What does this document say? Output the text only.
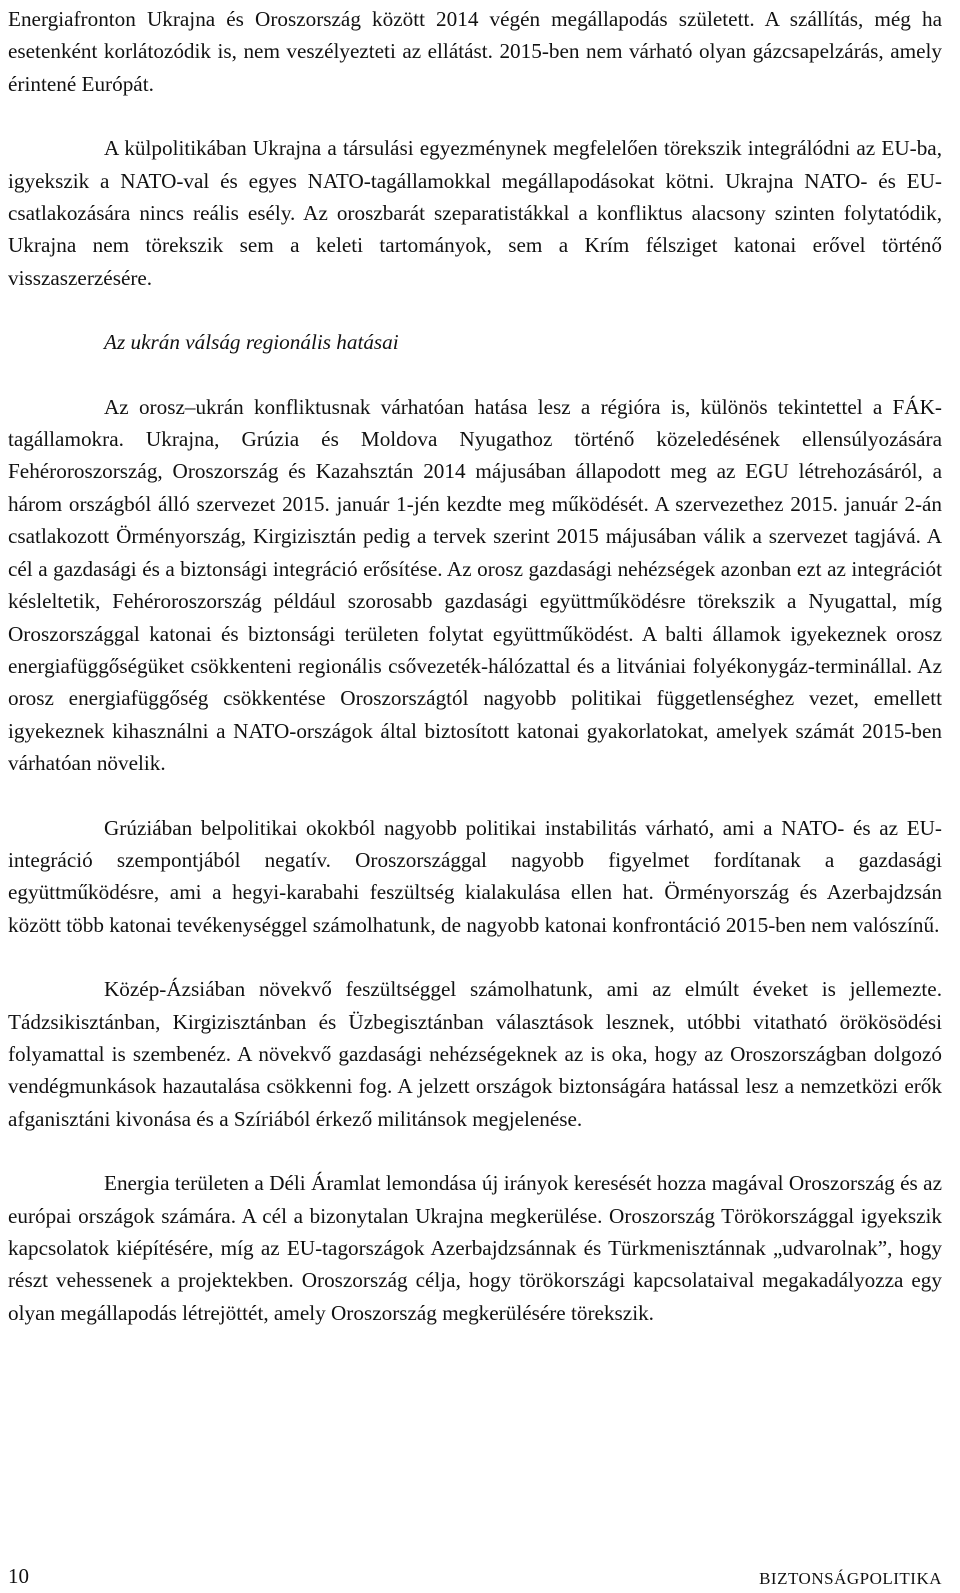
Energiafronton Ukrajna és Oroszország között 2014 végén megállapodás született. A szállítás, még ha esetenként korlátozódik is, nem veszélyezteti az ellátást. 2015-ben nem várható olyan gázcsapelzárás, amely érintené Európát.

A külpolitikában Ukrajna a társulási egyezménynek megfelelően törekszik integrálódni az EU-ba, igyekszik a NATO-val és egyes NATO-tagállamokkal megállapodásokat kötni. Ukrajna NATO- és EU-csatlakozására nincs reális esély. Az oroszbarát szeparatistákkal a konfliktus alacsony szinten folytatódik, Ukrajna nem törekszik sem a keleti tartományok, sem a Krím félsziget katonai erővel történő visszaszerzésére.

Az ukrán válság regionális hatásai

Az orosz–ukrán konfliktusnak várhatóan hatása lesz a régióra is, különös tekintettel a FÁK-tagállamokra. Ukrajna, Grúzia és Moldova Nyugathoz történő közeledésének ellensúlyozására Fehéroroszország, Oroszország és Kazahsztán 2014 májusában állapodott meg az EGU létrehozásáról, a három országból álló szervezet 2015. január 1-jén kezdte meg működését. A szervezethez 2015. január 2-án csatlakozott Örményország, Kirgizisztán pedig a tervek szerint 2015 májusában válik a szervezet tagjává. A cél a gazdasági és a biztonsági integráció erősítése. Az orosz gazdasági nehézségek azonban ezt az integrációt késleltetik, Fehéroroszország például szorosabb gazdasági együttműködésre törekszik a Nyugattal, míg Oroszországgal katonai és biztonsági területen folytat együttműködést. A balti államok igyekeznek orosz energiafüggőségüket csökkenteni regionális csővezeték-hálózattal és a litvániai folyékonygáz-terminállal. Az orosz energiafüggőség csökkentése Oroszországtól nagyobb politikai függetlenséghez vezet, emellett igyekeznek kihasználni a NATO-országok által biztosított katonai gyakorlatokat, amelyek számát 2015-ben várhatóan növelik.

Grúziában belpolitikai okokból nagyobb politikai instabilitás várható, ami a NATO- és az EU-integráció szempontjából negatív. Oroszországgal nagyobb figyelmet fordítanak a gazdasági együttműködésre, ami a hegyi-karabahi feszültség kialakulása ellen hat. Örményország és Azerbajdzsán között több katonai tevékenységgel számolhatunk, de nagyobb katonai konfrontáció 2015-ben nem valószínű.

Közép-Ázsiában növekvő feszültséggel számolhatunk, ami az elmúlt éveket is jellemezte. Tádzsikisztánban, Kirgizisztánban és Üzbegisztánban választások lesznek, utóbbi vitatható örökösödési folyamattal is szembenéz. A növekvő gazdasági nehézségeknek az is oka, hogy az Oroszországban dolgozó vendégmunkások hazautalása csökkenni fog. A jelzett országok biztonságára hatással lesz a nemzetközi erők afganisztáni kivonása és a Szíriából érkező militánsok megjelenése.

Energia területen a Déli Áramlat lemondása új irányok keresését hozza magával Oroszország és az európai országok számára. A cél a bizonytalan Ukrajna megkerülése. Oroszország Törökországgal igyekszik kapcsolatok kiépítésére, míg az EU-tagországok Azerbajdzsánnak és Türkmenisztánnak „udvarolnak”, hogy részt vehessenek a projektekben. Oroszország célja, hogy törökországi kapcsolataival megakadályozza egy olyan megállapodás létrejöttét, amely Oroszország megkerülésére törekszik.

10	BIZTONSÁGPOLITIKA
